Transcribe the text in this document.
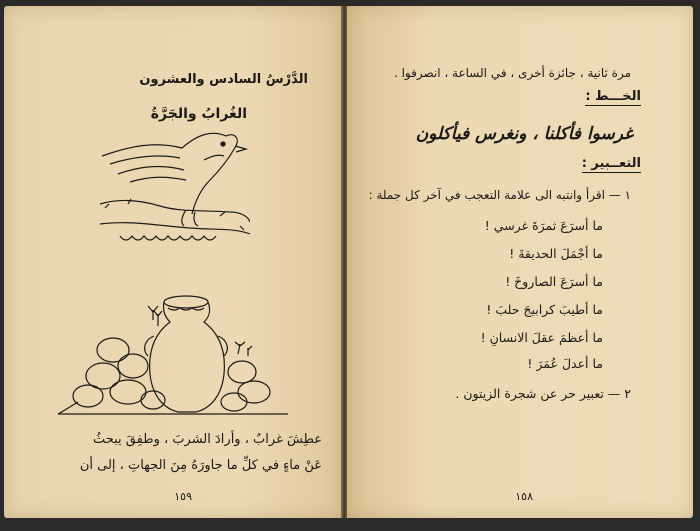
الدَّرْسُ السادس والعشرون
الغُرابُ والجَرَّةُ
عطِشَ غرابٌ ، وأرادَ الشربَ ، وطفِقَ يبحثُ
عَنْ ماءٍ في كلِّ ما جاورَهُ مِنَ الجهاتِ ، إلى أن
١٥٩
مرة ثانية ، جائزة أخرى ، في الساعة ، انصرفوا .
الخـــط :
غرسوا فأكلنا ، ونغرس فيأكلون
التعــبير :
١ — اقرأ وانتبه الى علامة التعجب في آخر كل جملة :
ما أسرَعَ ثمرَةَ غرسي !
ما أجْمَلَ الحديقةَ !
ما أسرَعَ الصاروخَ !
ما أطيبَ كرابيجَ حلبَ !
ما أعظمَ عقلَ الانسانِ !
ما أعدلَ عُمَرَ !
٢ — تعبير حر عن شجرة الزيتون .
١٥٨
